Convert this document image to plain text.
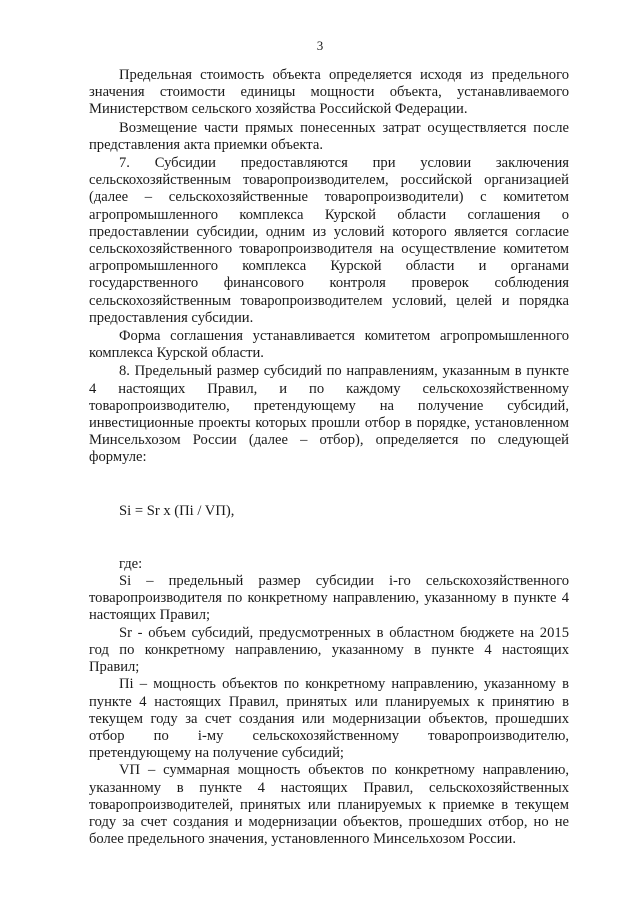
3

Предельная стоимость объекта определяется исходя из предельного значения стоимости единицы мощности объекта, устанавливаемого Министерством сельского хозяйства Российской Федерации.

Возмещение части прямых понесенных затрат осуществляется после представления акта приемки объекта.

7. Субсидии предоставляются при условии заключения сельскохозяйственным товаропроизводителем, российской организацией (далее – сельскохозяйственные товаропроизводители) с комитетом агропромышленного комплекса Курской области соглашения о предоставлении субсидии, одним из условий которого является согласие сельскохозяйственного товаропроизводителя на осуществление комитетом агропромышленного комплекса Курской области и органами государственного финансового контроля проверок соблюдения сельскохозяйственным товаропроизводителем условий, целей и порядка предоставления субсидии.

Форма соглашения устанавливается комитетом агропромышленного комплекса Курской области.

8. Предельный размер субсидий по направлениям, указанным в пункте 4 настоящих Правил, и по каждому сельскохозяйственному товаропроизводителю, претендующему на получение субсидий, инвестиционные проекты которых прошли отбор в порядке, установленном Минсельхозом России (далее – отбор), определяется по следующей формуле:

Si = Sr x (Пi / VП),

где:

Si – предельный размер субсидии i-го сельскохозяйственного товаропроизводителя по конкретному направлению, указанному в пункте 4 настоящих Правил;

Sr - объем субсидий, предусмотренных в областном бюджете на 2015 год по конкретному направлению, указанному в пункте 4 настоящих Правил;

Пi – мощность объектов по конкретному направлению, указанному в пункте 4 настоящих Правил, принятых или планируемых к принятию в текущем году за счет создания или модернизации объектов, прошедших отбор по i-му сельскохозяйственному товаропроизводителю, претендующему на получение субсидий;

VП – суммарная мощность объектов по конкретному направлению, указанному в пункте 4 настоящих Правил, сельскохозяйственных товаропроизводителей, принятых или планируемых к приемке в текущем году за счет создания и модернизации объектов, прошедших отбор, но не более предельного значения, установленного Минсельхозом России.
